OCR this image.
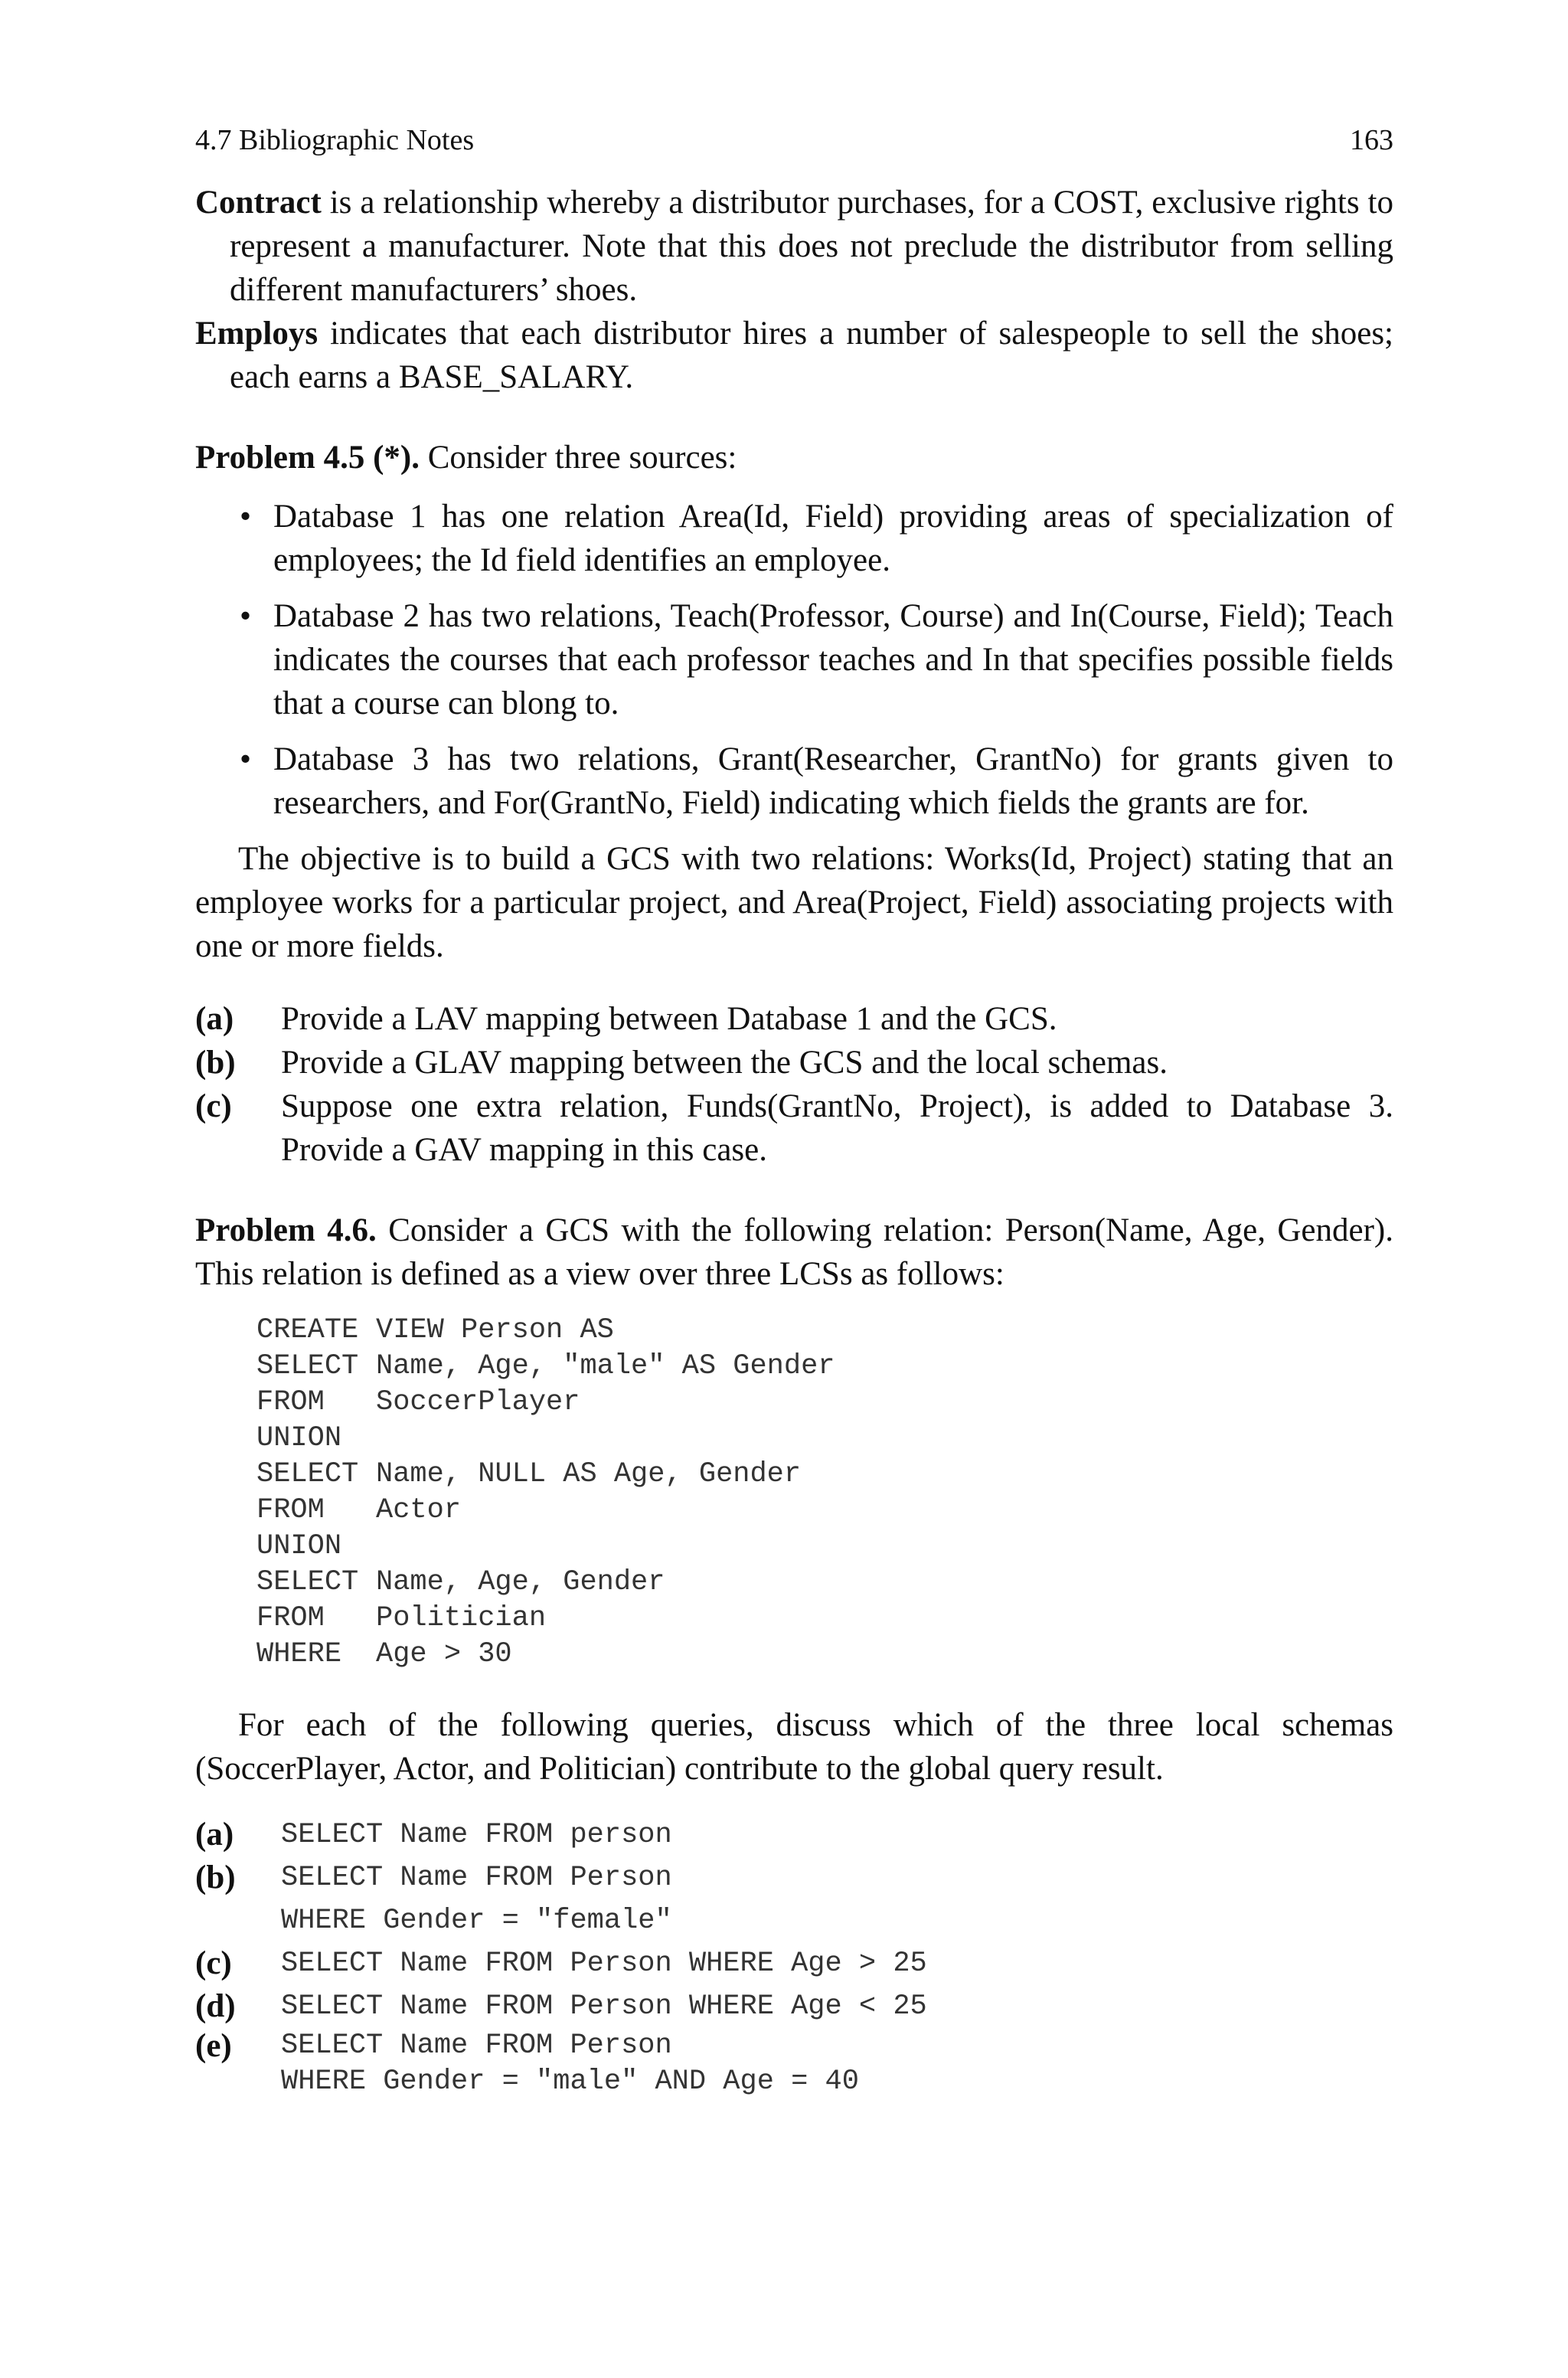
4.7 Bibliographic Notes	163

Contract is a relationship whereby a distributor purchases, for a COST, exclusive rights to represent a manufacturer. Note that this does not preclude the distributor from selling different manufacturers’ shoes.

Employs indicates that each distributor hires a number of salespeople to sell the shoes; each earns a BASE_SALARY.

Problem 4.5 (*). Consider three sources:

• Database 1 has one relation Area(Id, Field) providing areas of specialization of employees; the Id field identifies an employee.
• Database 2 has two relations, Teach(Professor, Course) and In(Course, Field); Teach indicates the courses that each professor teaches and In that specifies possible fields that a course can blong to.
• Database 3 has two relations, Grant(Researcher, GrantNo) for grants given to researchers, and For(GrantNo, Field) indicating which fields the grants are for.

The objective is to build a GCS with two relations: Works(Id, Project) stating that an employee works for a particular project, and Area(Project, Field) associating projects with one or more fields.

(a)	Provide a LAV mapping between Database 1 and the GCS.
(b)	Provide a GLAV mapping between the GCS and the local schemas.
(c)	Suppose one extra relation, Funds(GrantNo, Project), is added to Database 3. Provide a GAV mapping in this case.

Problem 4.6. Consider a GCS with the following relation: Person(Name, Age, Gender). This relation is defined as a view over three LCSs as follows:

CREATE VIEW Person AS
SELECT Name, Age, "male" AS Gender
FROM	SoccerPlayer
UNION
SELECT Name, NULL AS Age, Gender
FROM	Actor
UNION
SELECT Name, Age, Gender
FROM	Politician
WHERE	Age > 30

For each of the following queries, discuss which of the three local schemas (SoccerPlayer, Actor, and Politician) contribute to the global query result.

(a)	SELECT Name FROM person
(b)	SELECT Name FROM Person
WHERE Gender = "female"
(c)	SELECT Name FROM Person WHERE Age > 25
(d)	SELECT Name FROM Person WHERE Age < 25
(e)	SELECT Name FROM Person
WHERE Gender = "male" AND Age = 40
